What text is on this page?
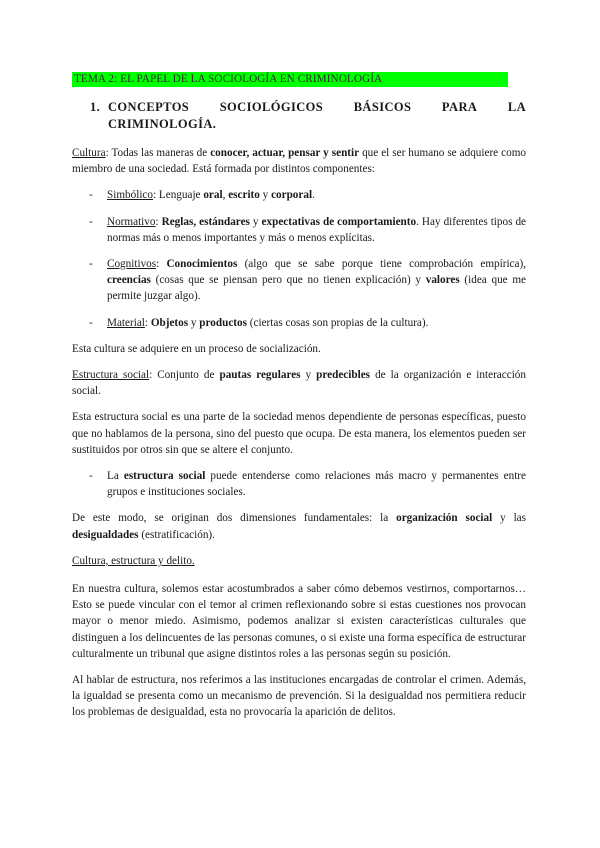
TEMA 2: EL PAPEL DE LA SOCIOLOGÍA EN CRIMINOLOGÍA
1. CONCEPTOS SOCIOLÓGICOS BÁSICOS PARA LA
CRIMINOLOGÍA.

Cultura: Todas las maneras de conocer, actuar, pensar y sentir que el ser humano se adquiere como miembro de una sociedad. Está formada por distintos componentes:

-	Simbólico: Lenguaje oral, escrito y corporal.
-	Normativo: Reglas, estándares y expectativas de comportamiento. Hay diferentes tipos de normas más o menos importantes y más o menos explícitas.
-	Cognitivos: Conocimientos (algo que se sabe porque tiene comprobación empírica), creencias (cosas que se piensan pero que no tienen explicación) y valores (idea que me permite juzgar algo).
-	Material: Objetos y productos (ciertas cosas son propias de la cultura).

Esta cultura se adquiere en un proceso de socialización.

Estructura social: Conjunto de pautas regulares y predecibles de la organización e interacción social.

Esta estructura social es una parte de la sociedad menos dependiente de personas específicas, puesto que no hablamos de la persona, sino del puesto que ocupa. De esta manera, los elementos pueden ser sustituidos por otros sin que se altere el conjunto.

-	La estructura social puede entenderse como relaciones más macro y permanentes entre grupos e instituciones sociales.

De este modo, se originan dos dimensiones fundamentales: la organización social y las desigualdades (estratificación).

Cultura, estructura y delito.

En nuestra cultura, solemos estar acostumbrados a saber cómo debemos vestirnos, comportarnos… Esto se puede vincular con el temor al crimen reflexionando sobre si estas cuestiones nos provocan mayor o menor miedo. Asimismo, podemos analizar si existen características culturales que distinguen a los delincuentes de las personas comunes, o si existe una forma específica de estructurar culturalmente un tribunal que asigne distintos roles a las personas según su posición.

Al hablar de estructura, nos referimos a las instituciones encargadas de controlar el crimen. Además, la igualdad se presenta como un mecanismo de prevención. Si la desigualdad nos permitiera reducir los problemas de desigualdad, esta no provocaría la aparición de delitos.
